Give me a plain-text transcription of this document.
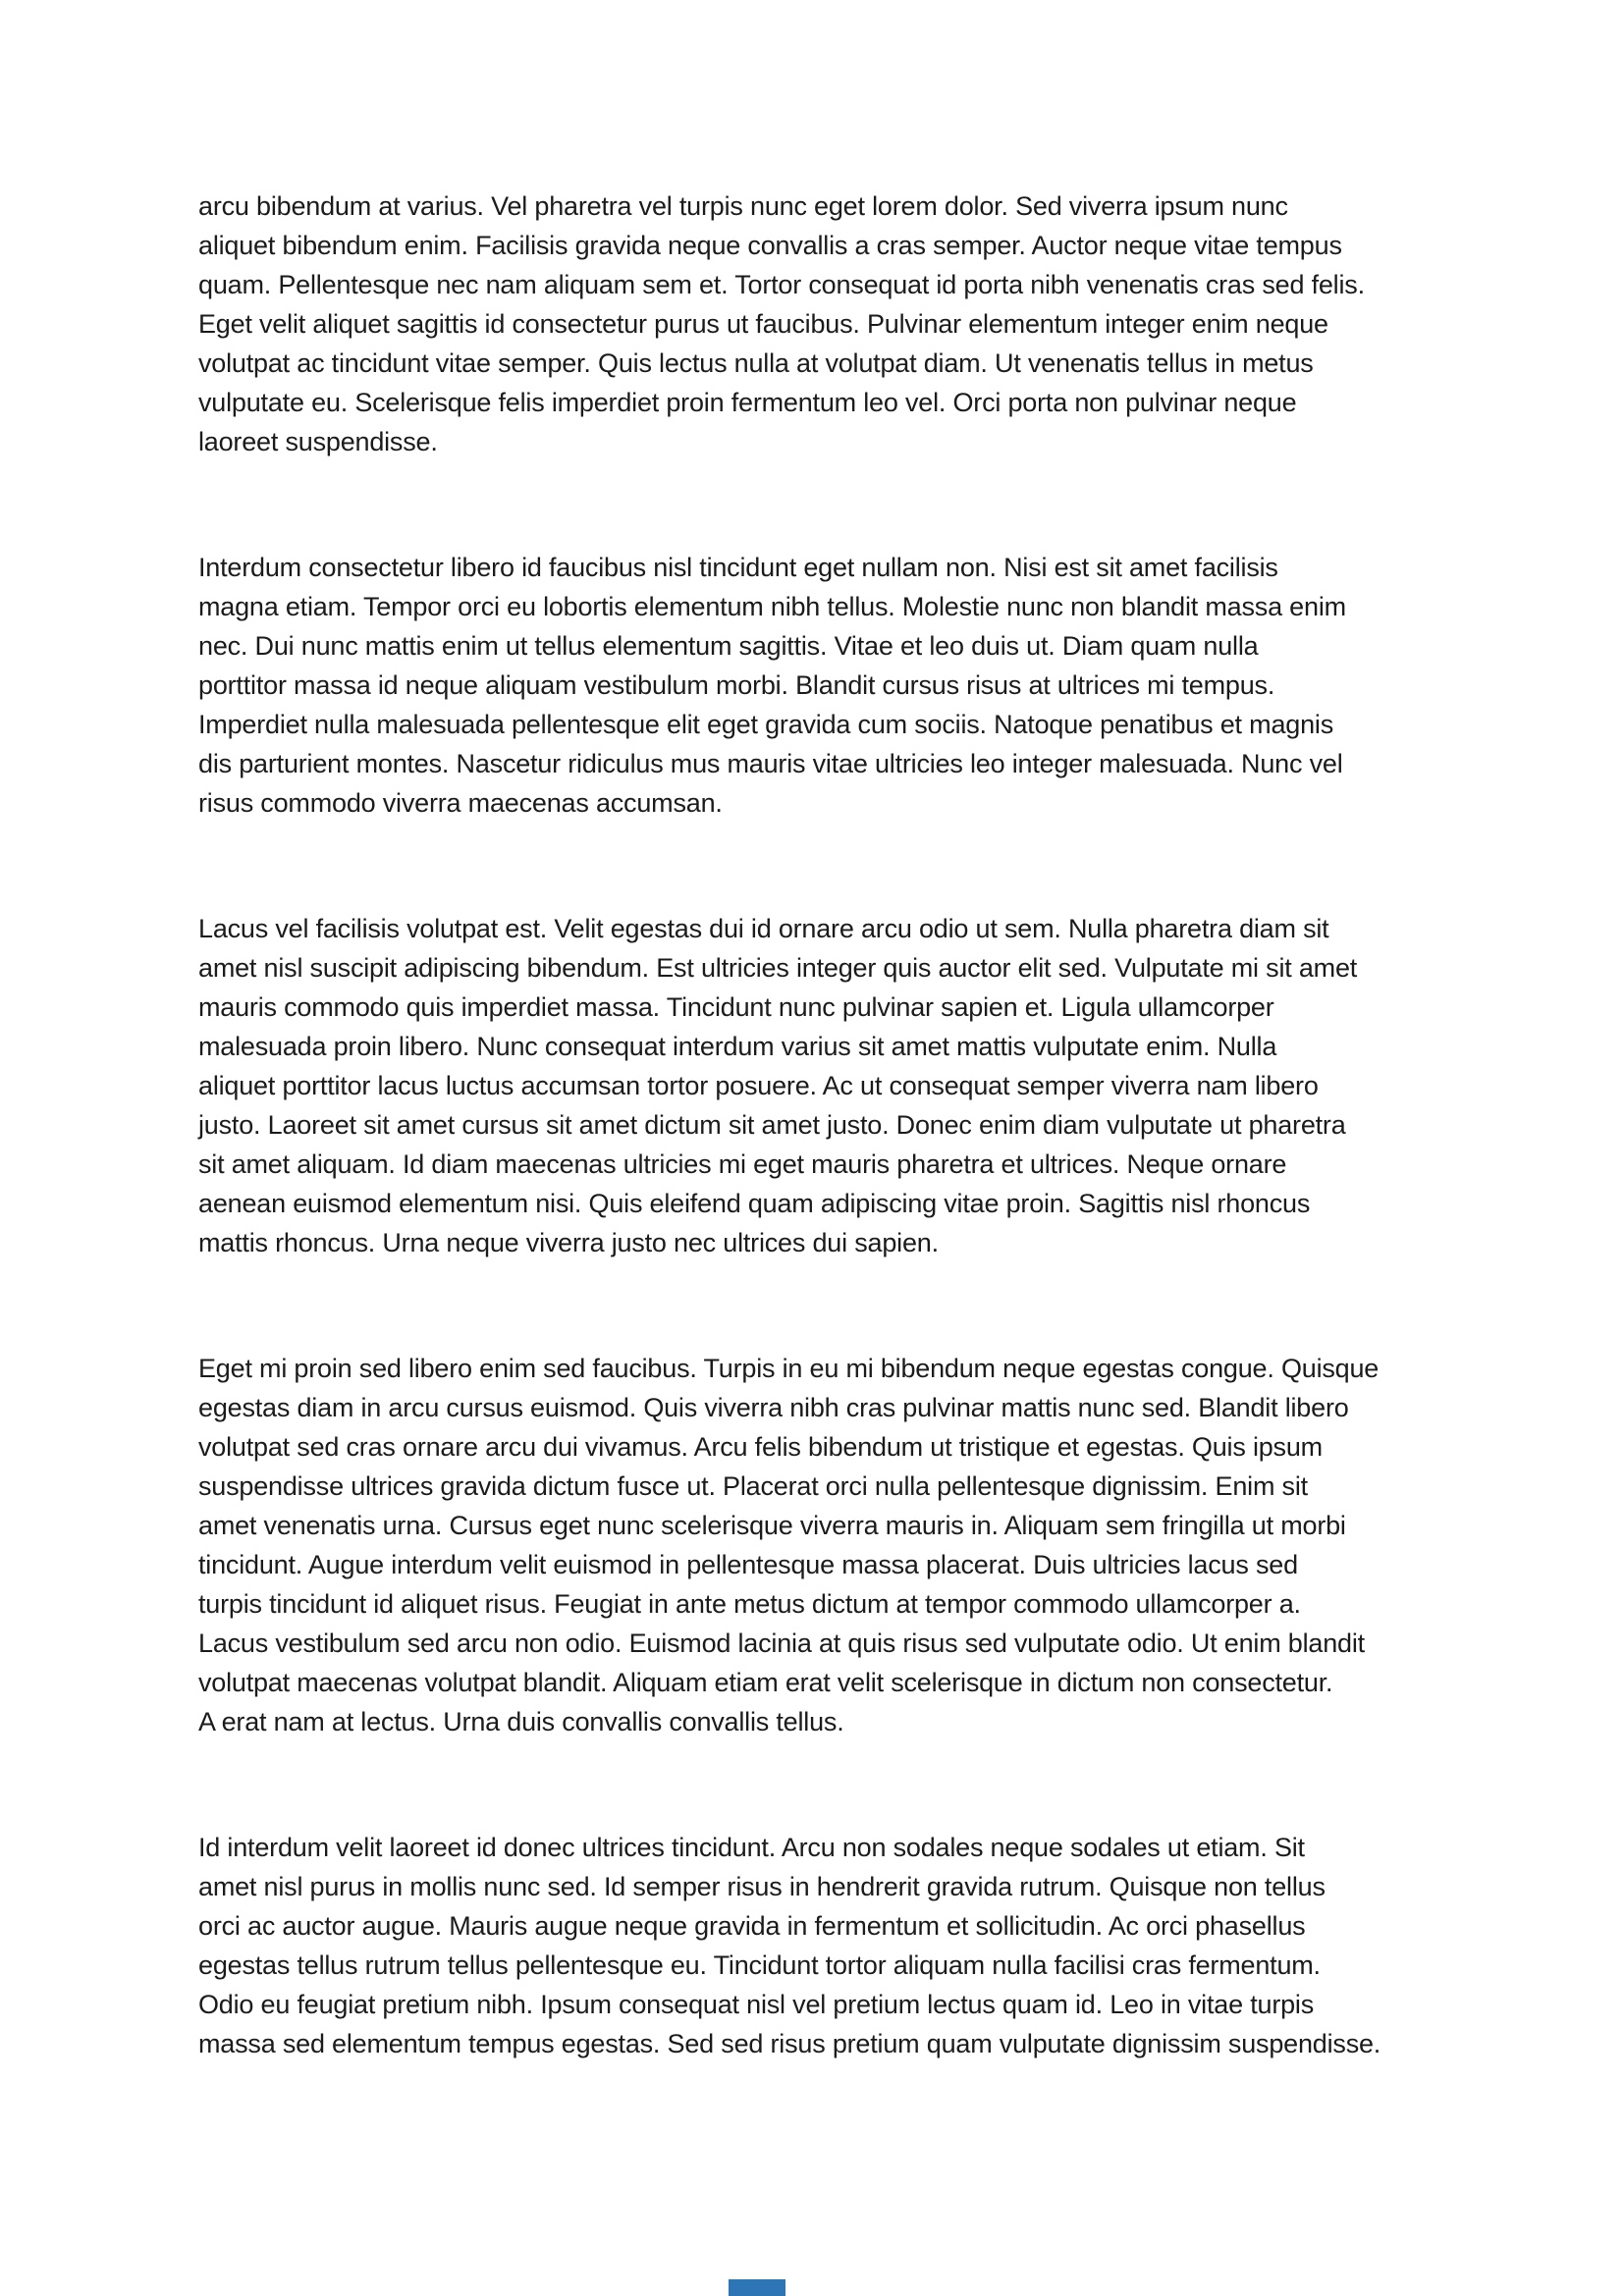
arcu bibendum at varius. Vel pharetra vel turpis nunc eget lorem dolor. Sed viverra ipsum nunc
aliquet bibendum enim. Facilisis gravida neque convallis a cras semper. Auctor neque vitae tempus
quam. Pellentesque nec nam aliquam sem et. Tortor consequat id porta nibh venenatis cras sed felis.
Eget velit aliquet sagittis id consectetur purus ut faucibus. Pulvinar elementum integer enim neque
volutpat ac tincidunt vitae semper. Quis lectus nulla at volutpat diam. Ut venenatis tellus in metus
vulputate eu. Scelerisque felis imperdiet proin fermentum leo vel. Orci porta non pulvinar neque
laoreet suspendisse.
Interdum consectetur libero id faucibus nisl tincidunt eget nullam non. Nisi est sit amet facilisis
magna etiam. Tempor orci eu lobortis elementum nibh tellus. Molestie nunc non blandit massa enim
nec. Dui nunc mattis enim ut tellus elementum sagittis. Vitae et leo duis ut. Diam quam nulla
porttitor massa id neque aliquam vestibulum morbi. Blandit cursus risus at ultrices mi tempus.
Imperdiet nulla malesuada pellentesque elit eget gravida cum sociis. Natoque penatibus et magnis
dis parturient montes. Nascetur ridiculus mus mauris vitae ultricies leo integer malesuada. Nunc vel
risus commodo viverra maecenas accumsan.
Lacus vel facilisis volutpat est. Velit egestas dui id ornare arcu odio ut sem. Nulla pharetra diam sit
amet nisl suscipit adipiscing bibendum. Est ultricies integer quis auctor elit sed. Vulputate mi sit amet
mauris commodo quis imperdiet massa. Tincidunt nunc pulvinar sapien et. Ligula ullamcorper
malesuada proin libero. Nunc consequat interdum varius sit amet mattis vulputate enim. Nulla
aliquet porttitor lacus luctus accumsan tortor posuere. Ac ut consequat semper viverra nam libero
justo. Laoreet sit amet cursus sit amet dictum sit amet justo. Donec enim diam vulputate ut pharetra
sit amet aliquam. Id diam maecenas ultricies mi eget mauris pharetra et ultrices. Neque ornare
aenean euismod elementum nisi. Quis eleifend quam adipiscing vitae proin. Sagittis nisl rhoncus
mattis rhoncus. Urna neque viverra justo nec ultrices dui sapien.
Eget mi proin sed libero enim sed faucibus. Turpis in eu mi bibendum neque egestas congue. Quisque
egestas diam in arcu cursus euismod. Quis viverra nibh cras pulvinar mattis nunc sed. Blandit libero
volutpat sed cras ornare arcu dui vivamus. Arcu felis bibendum ut tristique et egestas. Quis ipsum
suspendisse ultrices gravida dictum fusce ut. Placerat orci nulla pellentesque dignissim. Enim sit
amet venenatis urna. Cursus eget nunc scelerisque viverra mauris in. Aliquam sem fringilla ut morbi
tincidunt. Augue interdum velit euismod in pellentesque massa placerat. Duis ultricies lacus sed
turpis tincidunt id aliquet risus. Feugiat in ante metus dictum at tempor commodo ullamcorper a.
Lacus vestibulum sed arcu non odio. Euismod lacinia at quis risus sed vulputate odio. Ut enim blandit
volutpat maecenas volutpat blandit. Aliquam etiam erat velit scelerisque in dictum non consectetur.
A erat nam at lectus. Urna duis convallis convallis tellus.
Id interdum velit laoreet id donec ultrices tincidunt. Arcu non sodales neque sodales ut etiam. Sit
amet nisl purus in mollis nunc sed. Id semper risus in hendrerit gravida rutrum. Quisque non tellus
orci ac auctor augue. Mauris augue neque gravida in fermentum et sollicitudin. Ac orci phasellus
egestas tellus rutrum tellus pellentesque eu. Tincidunt tortor aliquam nulla facilisi cras fermentum.
Odio eu feugiat pretium nibh. Ipsum consequat nisl vel pretium lectus quam id. Leo in vitae turpis
massa sed elementum tempus egestas. Sed sed risus pretium quam vulputate dignissim suspendisse.
